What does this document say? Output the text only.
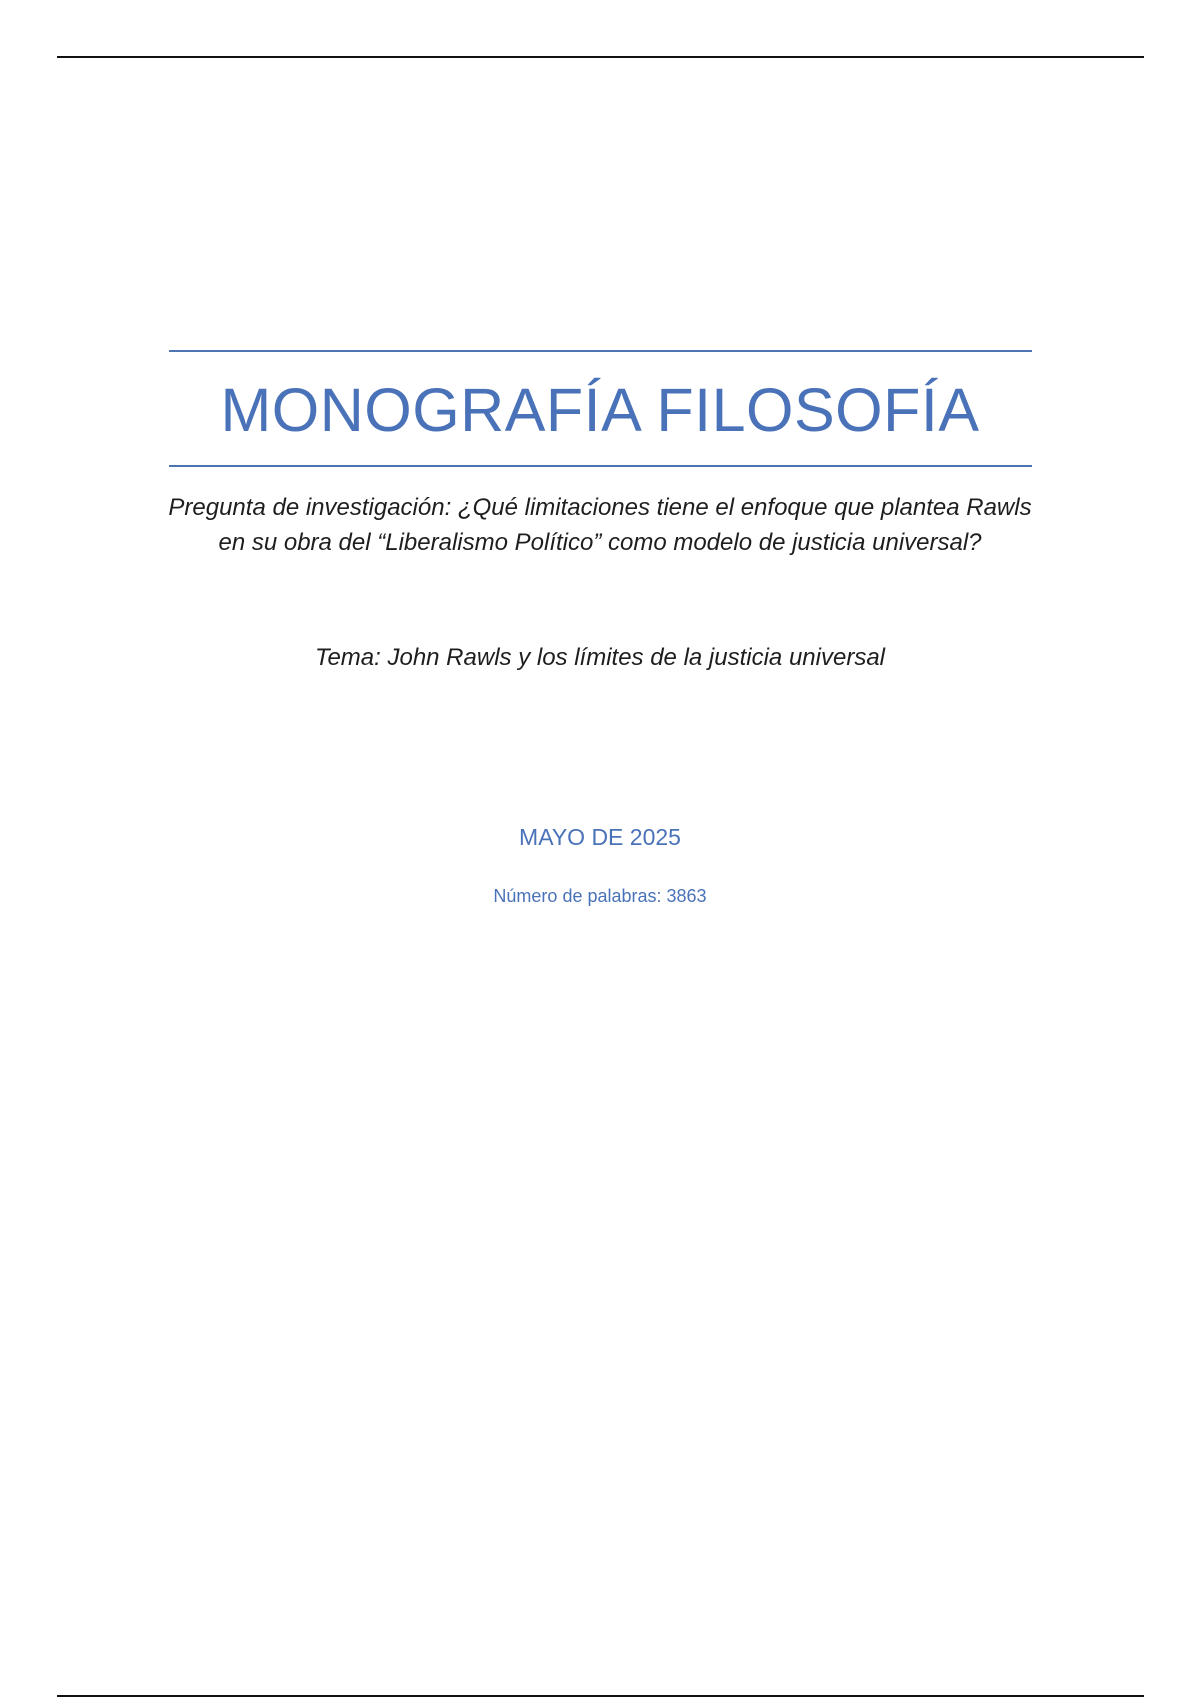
MONOGRAFÍA FILOSOFÍA
Pregunta de investigación: ¿Qué limitaciones tiene el enfoque que plantea Rawls en su obra del “Liberalismo Político” como modelo de justicia universal?
Tema: John Rawls y los límites de la justicia universal
MAYO DE 2025
Número de palabras: 3863
